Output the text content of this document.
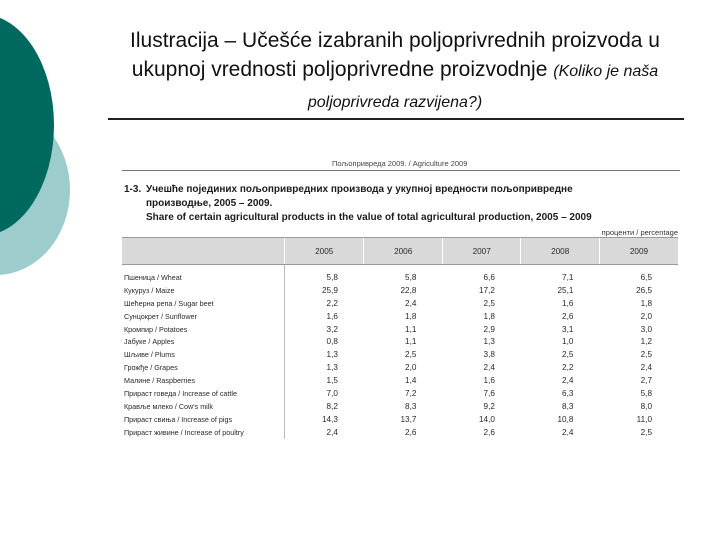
Ilustracija – Učešće izabranih poljoprivrednih proizvoda u ukupnoj vrednosti poljoprivredne proizvodnje (Koliko je naša poljoprivreda razvijena?)
Пољопривреда 2009. / Agriculture 2009
1-3. Учешће појединих пољопривредних производа у укупној вредности пољопривредне
производње, 2005 – 2009.
Share of certain agricultural products in the value of total agricultural production, 2005 – 2009
проценти / percentage
	2005	2006	2007	2008	2009

Пшеница / Wheat	5,8	5,8	6,6	7,1	6,5
Кукуруз / Maize	25,9	22,8	17,2	25,1	26,5
Шећерна репа / Sugar beet	2,2	2,4	2,5	1,6	1,8
Сунцокрет / Sunflower	1,6	1,8	1,8	2,6	2,0
Кромпир / Potatoes	3,2	1,1	2,9	3,1	3,0
Јабуке / Apples	0,8	1,1	1,3	1,0	1,2
Шљиве / Plums	1,3	2,5	3,8	2,5	2,5
Грожђе / Grapes	1,3	2,0	2,4	2,2	2,4
Малине / Raspberries	1,5	1,4	1,6	2,4	2,7
Прираст говеда / Increase of cattle	7,0	7,2	7,6	6,3	5,8
Крављe млеко / Cow's milk	8,2	8,3	9,2	8,3	8,0
Прираст свиња / Increase of pigs	14,3	13,7	14,0	10,8	11,0
Прираст живине / Increase of poultry	2,4	2,6	2,6	2,4	2,5
